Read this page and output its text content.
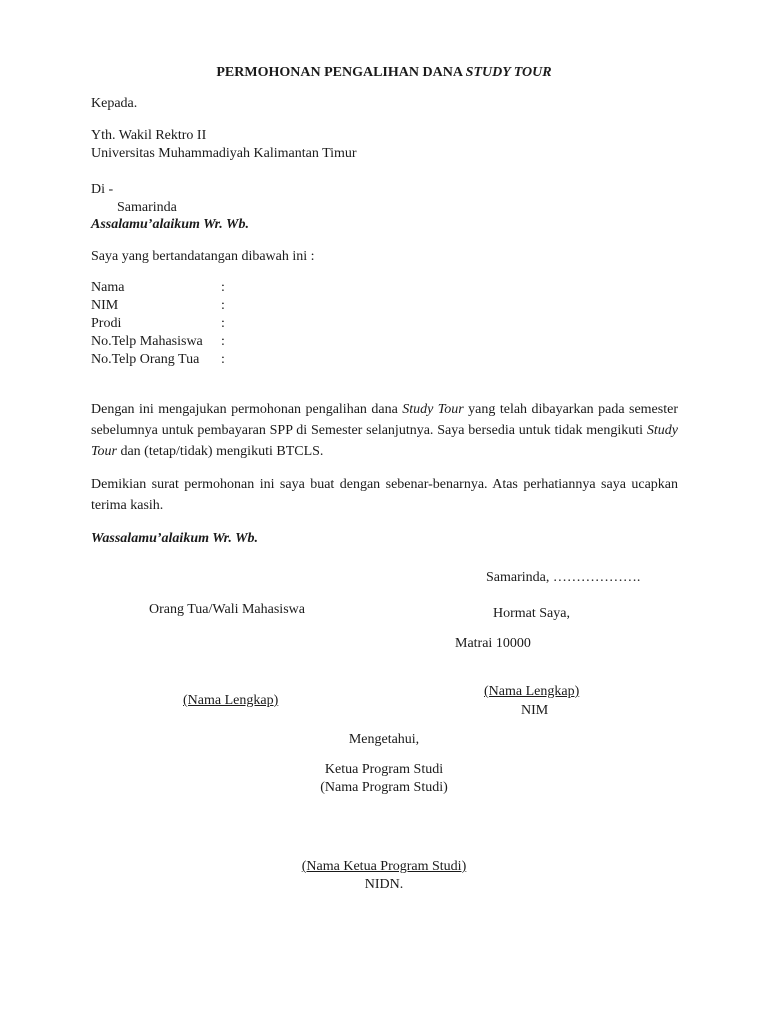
PERMOHONAN PENGALIHAN DANA STUDY TOUR
Kepada.
Yth. Wakil Rektro II
Universitas Muhammadiyah Kalimantan Timur
Di -
Samarinda
Assalamu’alaikum Wr. Wb.
Saya yang bertandatangan dibawah ini :
Nama	:
NIM	:
Prodi	:
No.Telp Mahasiswa :
No.Telp Orang Tua :
Dengan ini mengajukan permohonan pengalihan dana Study Tour yang telah dibayarkan pada semester sebelumnya untuk pembayaran SPP di Semester selanjutnya. Saya bersedia untuk tidak mengikuti Study Tour dan (tetap/tidak) mengikuti BTCLS.
Demikian surat permohonan ini saya buat dengan sebenar-benarnya. Atas perhatiannya saya ucapkan terima kasih.
Wassalamu’alaikum Wr. Wb.
Samarinda, ……………….
Orang Tua/Wali Mahasiswa	Hormat Saya,
Matrai 10000
(Nama Lengkap)
(Nama Lengkap)
NIM
Mengetahui,
Ketua Program Studi
(Nama Program Studi)
(Nama Ketua Program Studi)
NIDN.
